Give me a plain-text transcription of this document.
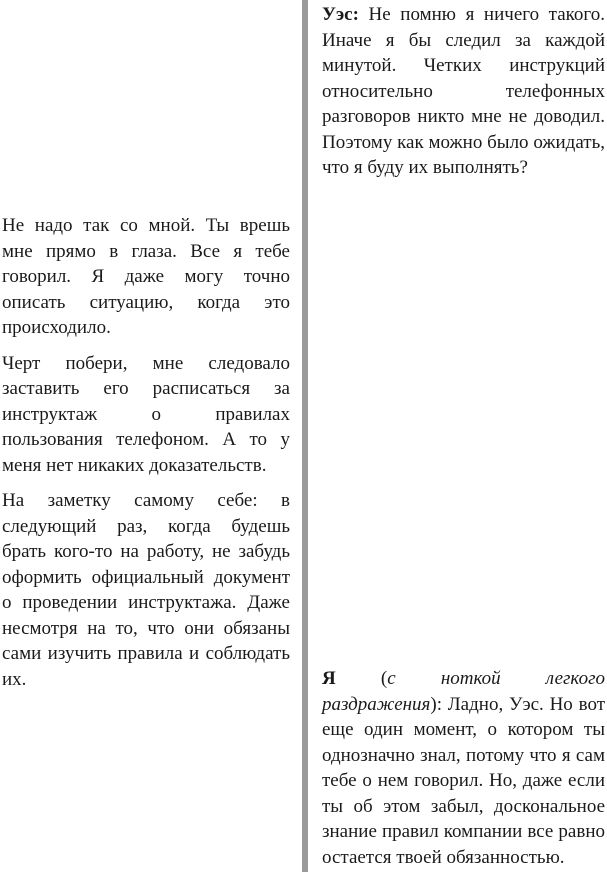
Не надо так со мной. Ты врешь мне прямо в глаза. Все я тебе говорил. Я даже могу точно описать ситуацию, когда это происходило.

Черт побери, мне следовало заставить его расписаться за инструктаж о правилах пользования телефоном. А то у меня нет никаких доказательств.

На заметку самому себе: в следующий раз, когда будешь брать кого-то на работу, не забудь оформить официальный документ о проведении инструктажа. Даже несмотря на то, что они обязаны сами изучить правила и соблюдать их.

Уэс: Не помню я ничего такого. Иначе я бы следил за каждой минутой. Четких инструкций относительно телефонных разговоров никто мне не доводил. Поэтому как можно было ожидать, что я буду их выполнять?

Я (с ноткой легкого раздражения): Ладно, Уэс. Но вот еще один момент, о котором ты однозначно знал, потому что я сам тебе о нем говорил. Но, даже если ты об этом забыл, доскональное знание правил компании все равно остается твоей обязанностью.
